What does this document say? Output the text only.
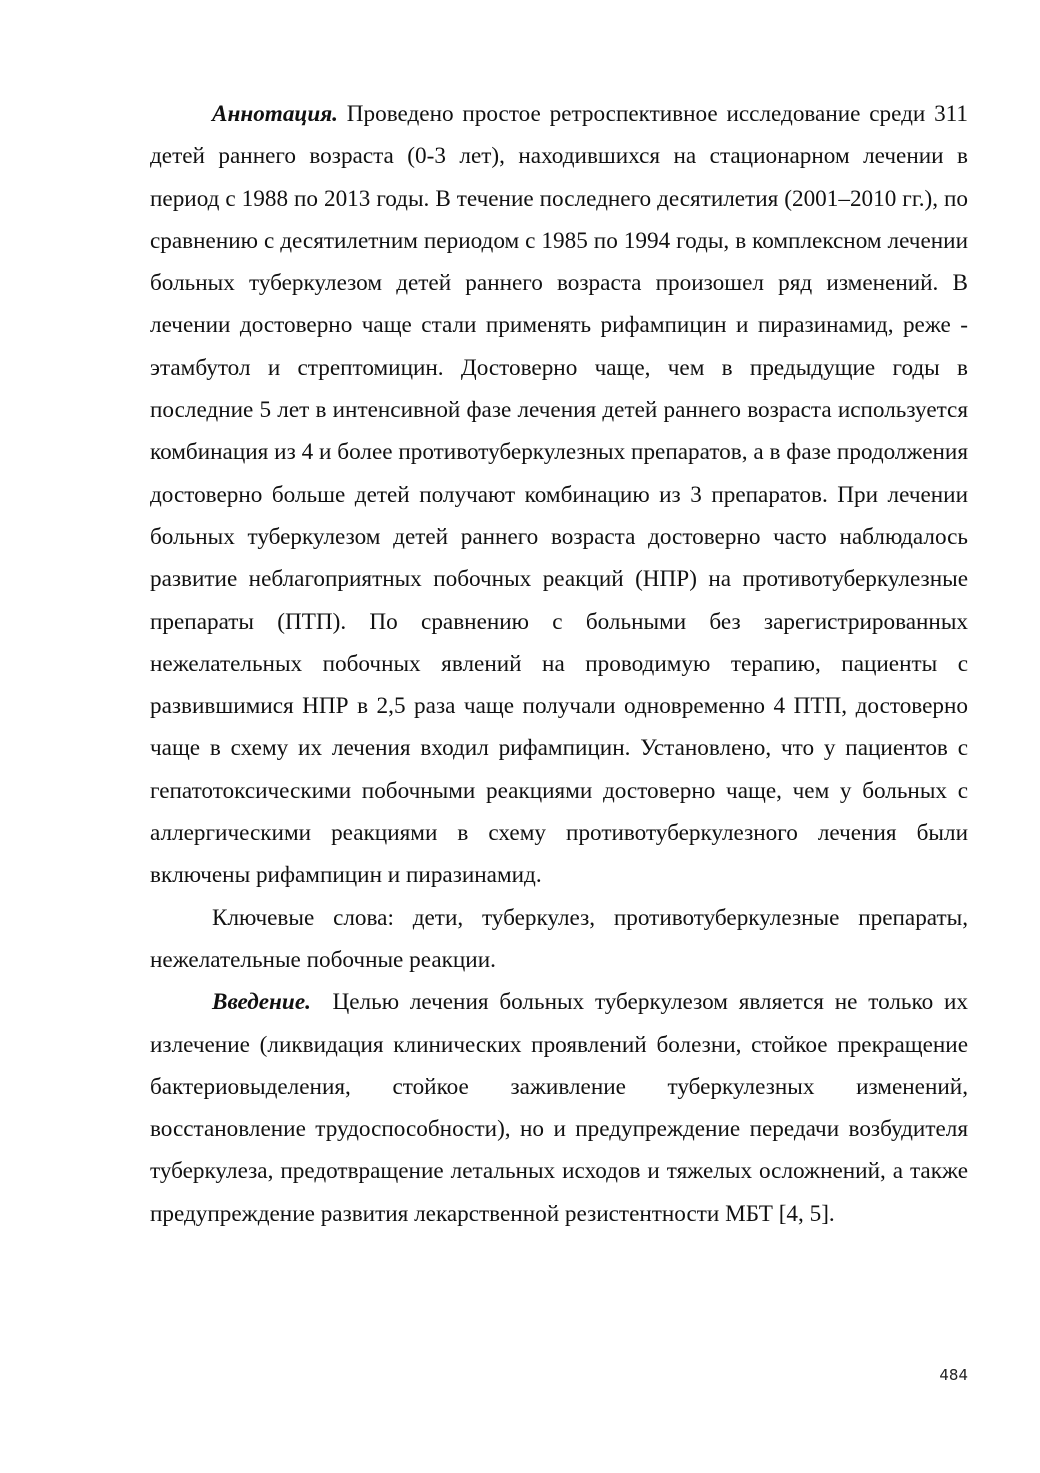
Аннотация. Проведено простое ретроспективное исследование среди 311 детей раннего возраста (0-3 лет), находившихся на стационарном лечении в период с 1988 по 2013 годы. В течение последнего десятилетия (2001–2010 гг.), по сравнению с десятилетним периодом с 1985 по 1994 годы, в комплексном лечении больных туберкулезом детей раннего возраста произошел ряд изменений. В лечении достоверно чаще стали применять рифампицин и пиразинамид, реже - этамбутол и стрептомицин. Достоверно чаще, чем в предыдущие годы в последние 5 лет в интенсивной фазе лечения детей раннего возраста используется комбинация из 4 и более противотуберкулезных препаратов, а в фазе продолжения достоверно больше детей получают комбинацию из 3 препаратов. При лечении больных туберкулезом детей раннего возраста достоверно часто наблюдалось развитие неблагоприятных побочных реакций (НПР) на противотуберкулезные препараты (ПТП). По сравнению с больными без зарегистрированных нежелательных побочных явлений на проводимую терапию, пациенты с развившимися НПР в 2,5 раза чаще получали одновременно 4 ПТП, достоверно чаще в схему их лечения входил рифампицин. Установлено, что у пациентов с гепатотоксическими побочными реакциями достоверно чаще, чем у больных с аллергическими реакциями в схему противотуберкулезного лечения были включены рифампицин и пиразинамид.

Ключевые слова: дети, туберкулез, противотуберкулезные препараты, нежелательные побочные реакции.

Введение. Целью лечения больных туберкулезом является не только их излечение (ликвидация клинических проявлений болезни, стойкое прекращение бактериовыделения, стойкое заживление туберкулезных изменений, восстановление трудоспособности), но и предупреждение передачи возбудителя туберкулеза, предотвращение летальных исходов и тяжелых осложнений, а также предупреждение развития лекарственной резистентности МБТ [4, 5].

484
